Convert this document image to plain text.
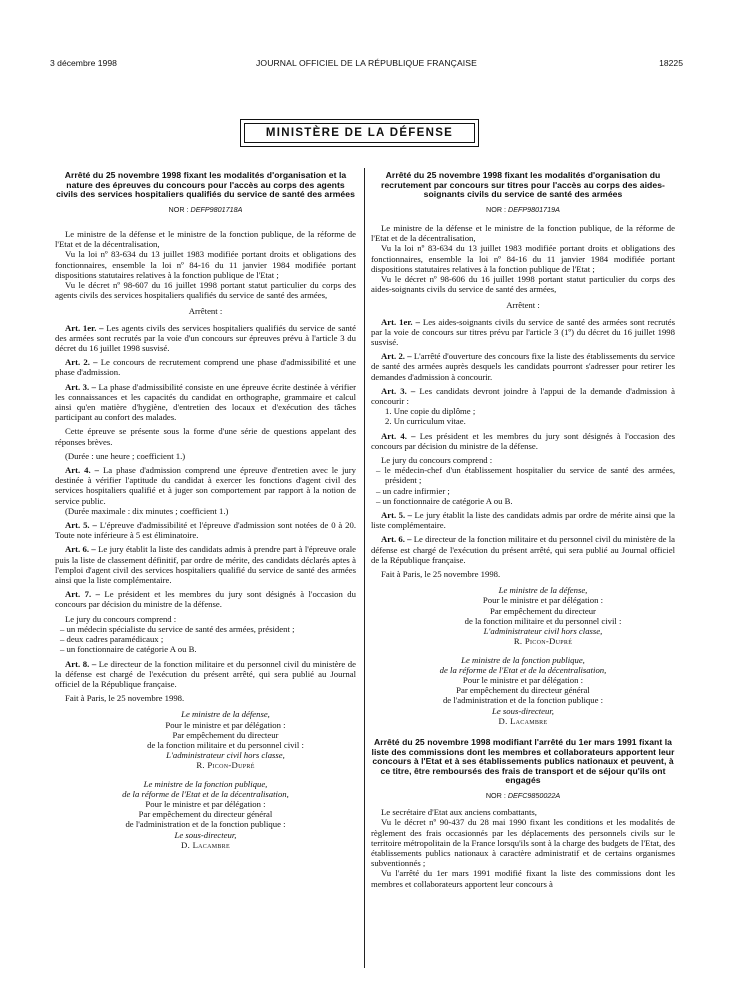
3 décembre 1998	JOURNAL OFFICIEL DE LA RÉPUBLIQUE FRANÇAISE	18225
MINISTÈRE DE LA DÉFENSE
Arrêté du 25 novembre 1998 fixant les modalités d'organisation et la nature des épreuves du concours pour l'accès au corps des agents civils des services hospitaliers qualifiés du service de santé des armées
NOR : DEFP9801718A

Le ministre de la défense et le ministre de la fonction publique, de la réforme de l'Etat et de la décentralisation,

Vu la loi nº 83-634 du 13 juillet 1983 modifiée portant droits et obligations des fonctionnaires, ensemble la loi nº 84-16 du 11 janvier 1984 modifiée portant dispositions statutaires relatives à la fonction publique de l'Etat ;

Vu le décret nº 98-607 du 16 juillet 1998 portant statut particulier du corps des agents civils des services hospitaliers qualifiés du service de santé des armées,

Arrêtent :

Art. 1er. – Les agents civils des services hospitaliers qualifiés du service de santé des armées sont recrutés par la voie d'un concours sur épreuves prévu à l'article 3 du décret du 16 juillet 1998 susvisé.

Art. 2. – Le concours de recrutement comprend une phase d'admissibilité et une phase d'admission.

Art. 3. – La phase d'admissibilité consiste en une épreuve écrite destinée à vérifier les connaissances et les capacités du candidat en orthographe, grammaire et calcul ainsi qu'en matière d'hygiène, d'entretien des locaux et d'exécution des tâches participant au confort des malades.

Cette épreuve se présente sous la forme d'une série de questions appelant des réponses brèves.

(Durée : une heure ; coefficient 1.)

Art. 4. – La phase d'admission comprend une épreuve d'entretien avec le jury destinée à vérifier l'aptitude du candidat à exercer les fonctions d'agent civil des services hospitaliers qualifié et à juger son comportement par rapport à la notion de service public.

(Durée maximale : dix minutes ; coefficient 1.)

Art. 5. – L'épreuve d'admissibilité et l'épreuve d'admission sont notées de 0 à 20. Toute note inférieure à 5 est éliminatoire.

Art. 6. – Le jury établit la liste des candidats admis à prendre part à l'épreuve orale puis la liste de classement définitif, par ordre de mérite, des candidats déclarés aptes à l'emploi d'agent civil des services hospitaliers qualifié du service de santé des armées ainsi que la liste complémentaire.

Art. 7. – Le président et les membres du jury sont désignés à l'occasion du concours par décision du ministre de la défense.

Le jury du concours comprend :

– un médecin spécialiste du service de santé des armées, président ;
– deux cadres paramédicaux ;
– un fonctionnaire de catégorie A ou B.

Art. 8. – Le directeur de la fonction militaire et du personnel civil du ministère de la défense est chargé de l'exécution du présent arrêté, qui sera publié au Journal officiel de la République française.

Fait à Paris, le 25 novembre 1998.

Le ministre de la défense,
Pour le ministre et par délégation :
Par empêchement du directeur
de la fonction militaire et du personnel civil :
L'administrateur civil hors classe,
R. Picon-Dupré
Le ministre de la fonction publique,
de la réforme de l'Etat et de la décentralisation,
Pour le ministre et par délégation :
Par empêchement du directeur général
de l'administration et de la fonction publique :
Le sous-directeur,
D. Lacambre
Arrêté du 25 novembre 1998 fixant les modalités d'organisation du recrutement par concours sur titres pour l'accès au corps des aides-soignants civils du service de santé des armées
NOR : DEFP9801719A

Le ministre de la défense et le ministre de la fonction publique, de la réforme de l'Etat et de la décentralisation,

Vu la loi nº 83-634 du 13 juillet 1983 modifiée portant droits et obligations des fonctionnaires, ensemble la loi nº 84-16 du 11 janvier 1984 modifiée portant dispositions statutaires relatives à la fonction publique de l'Etat ;

Vu le décret nº 98-606 du 16 juillet 1998 portant statut particulier du corps des aides-soignants civils du service de santé des armées,

Arrêtent :

Art. 1er. – Les aides-soignants civils du service de santé des armées sont recrutés par la voie de concours sur titres prévu par l'article 3 (1º) du décret du 16 juillet 1998 susvisé.

Art. 2. – L'arrêté d'ouverture des concours fixe la liste des établissements du service de santé des armées auprès desquels les candidats pourront s'adresser pour retirer les demandes d'admission à concourir.

Art. 3. – Les candidats devront joindre à l'appui de la demande d'admission à concourir :

1. Une copie du diplôme ;

2. Un curriculum vitae.

Art. 4. – Les président et les membres du jury sont désignés à l'occasion des concours par décision du ministre de la défense.

Le jury du concours comprend :

– le médecin-chef d'un établissement hospitalier du service de santé des armées, président ;
– un cadre infirmier ;
– un fonctionnaire de catégorie A ou B.

Art. 5. – Le jury établit la liste des candidats admis par ordre de mérite ainsi que la liste complémentaire.

Art. 6. – Le directeur de la fonction militaire et du personnel civil du ministère de la défense est chargé de l'exécution du présent arrêté, qui sera publié au Journal officiel de la République française.

Fait à Paris, le 25 novembre 1998.

Le ministre de la défense,
Pour le ministre et par délégation :
Par empêchement du directeur
de la fonction militaire et du personnel civil :
L'administrateur civil hors classe,
R. Picon-Dupré
Le ministre de la fonction publique,
de la réforme de l'Etat et de la décentralisation,
Pour le ministre et par délégation :
Par empêchement du directeur général
de l'administration et de la fonction publique :
Le sous-directeur,
D. Lacambre
Arrêté du 25 novembre 1998 modifiant l'arrêté du 1er mars 1991 fixant la liste des commissions dont les membres et collaborateurs apportent leur concours à l'Etat et à ses établissements publics nationaux et peuvent, à ce titre, être remboursés des frais de transport et de séjour qu'ils ont engagés
NOR : DEFC9850022A

Le secrétaire d'Etat aux anciens combattants,

Vu le décret nº 90-437 du 28 mai 1990 fixant les conditions et les modalités de règlement des frais occasionnés par les déplacements des personnels civils sur le territoire métropolitain de la France lorsqu'ils sont à la charge des budgets de l'Etat, des établissements publics nationaux à caractère administratif et de certains organismes subventionnés ;

Vu l'arrêté du 1er mars 1991 modifié fixant la liste des commissions dont les membres et collaborateurs apportent leur concours à
